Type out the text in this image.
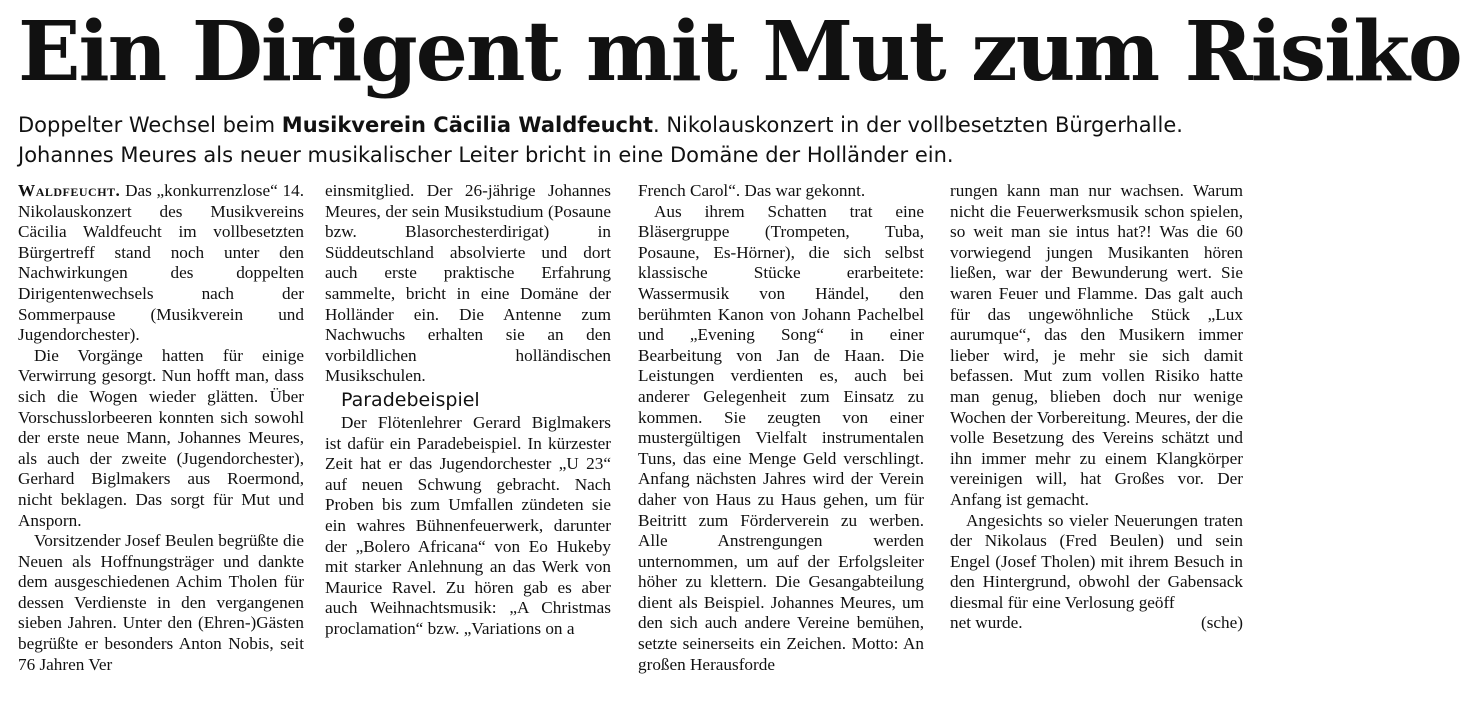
Ein Dirigent mit Mut zum Risiko

Doppelter Wechsel beim Musikverein Cäcilia Waldfeucht. Nikolauskonzert in der vollbesetzten Bürgerhalle. Johannes Meures als neuer musikalischer Leiter bricht in eine Domäne der Holländer ein.

Waldfeucht. Das „konkurrenzlose“ 14. Nikolauskonzert des Musikvereins Cäcilia Waldfeucht im vollbesetzten Bürgertreff stand noch unter den Nachwirkungen des doppelten Dirigentenwechsels nach der Sommerpause (Musikverein und Jugendorchester).

Die Vorgänge hatten für einige Verwirrung gesorgt. Nun hofft man, dass sich die Wogen wieder glätten. Über Vorschusslorbeeren konnten sich sowohl der erste neue Mann, Johannes Meures, als auch der zweite (Jugendorchester), Gerhard Biglmakers aus Roermond, nicht beklagen. Das sorgt für Mut und Ansporn.

Vorsitzender Josef Beulen begrüßte die Neuen als Hoffnungsträger und dankte dem ausgeschiedenen Achim Tholen für dessen Verdienste in den vergangenen sieben Jahren. Unter den (Ehren-)Gästen begrüßte er besonders Anton Nobis, seit 76 Jahren Ver

einsmitglied. Der 26-jährige Johannes Meures, der sein Musikstudium (Posaune bzw. Blasorchesterdirigat) in Süddeutschland absolvierte und dort auch erste praktische Erfahrung sammelte, bricht in eine Domäne der Holländer ein. Die Antenne zum Nachwuchs erhalten sie an den vorbildlichen holländischen Musikschulen.

Paradebeispiel

Der Flötenlehrer Gerard Biglmakers ist dafür ein Paradebeispiel. In kürzester Zeit hat er das Jugendorchester „U 23“ auf neuen Schwung gebracht. Nach Proben bis zum Umfallen zündeten sie ein wahres Bühnenfeuerwerk, darunter der „Bolero Africana“ von Eo Hukeby mit starker Anlehnung an das Werk von Maurice Ravel. Zu hören gab es aber auch Weihnachtsmusik: „A Christmas proclamation“ bzw. „Variations on a

French Carol“. Das war gekonnt.

Aus ihrem Schatten trat eine Bläsergruppe (Trompeten, Tuba, Posaune, Es-Hörner), die sich selbst klassische Stücke erarbeitete: Wassermusik von Händel, den berühmten Kanon von Johann Pachelbel und „Evening Song“ in einer Bearbeitung von Jan de Haan. Die Leistungen verdienten es, auch bei anderer Gelegenheit zum Einsatz zu kommen. Sie zeugten von einer mustergültigen Vielfalt instrumentalen Tuns, das eine Menge Geld verschlingt. Anfang nächsten Jahres wird der Verein daher von Haus zu Haus gehen, um für Beitritt zum Förderverein zu werben. Alle Anstrengungen werden unternommen, um auf der Erfolgsleiter höher zu klettern. Die Gesangabteilung dient als Beispiel. Johannes Meures, um den sich auch andere Vereine bemühen, setzte seinerseits ein Zeichen. Motto: An großen Herausforde

rungen kann man nur wachsen. Warum nicht die Feuerwerksmusik schon spielen, so weit man sie intus hat?! Was die 60 vorwiegend jungen Musikanten hören ließen, war der Bewunderung wert. Sie waren Feuer und Flamme. Das galt auch für das ungewöhnliche Stück „Lux aurumque“, das den Musikern immer lieber wird, je mehr sie sich damit befassen. Mut zum vollen Risiko hatte man genug, blieben doch nur wenige Wochen der Vorbereitung. Meures, der die volle Besetzung des Vereins schätzt und ihn immer mehr zu einem Klangkörper vereinigen will, hat Großes vor. Der Anfang ist gemacht.

Angesichts so vieler Neuerungen traten der Nikolaus (Fred Beulen) und sein Engel (Josef Tholen) mit ihrem Besuch in den Hintergrund, obwohl der Gabensack diesmal für eine Verlosung geöff

net wurde.	(sche)
